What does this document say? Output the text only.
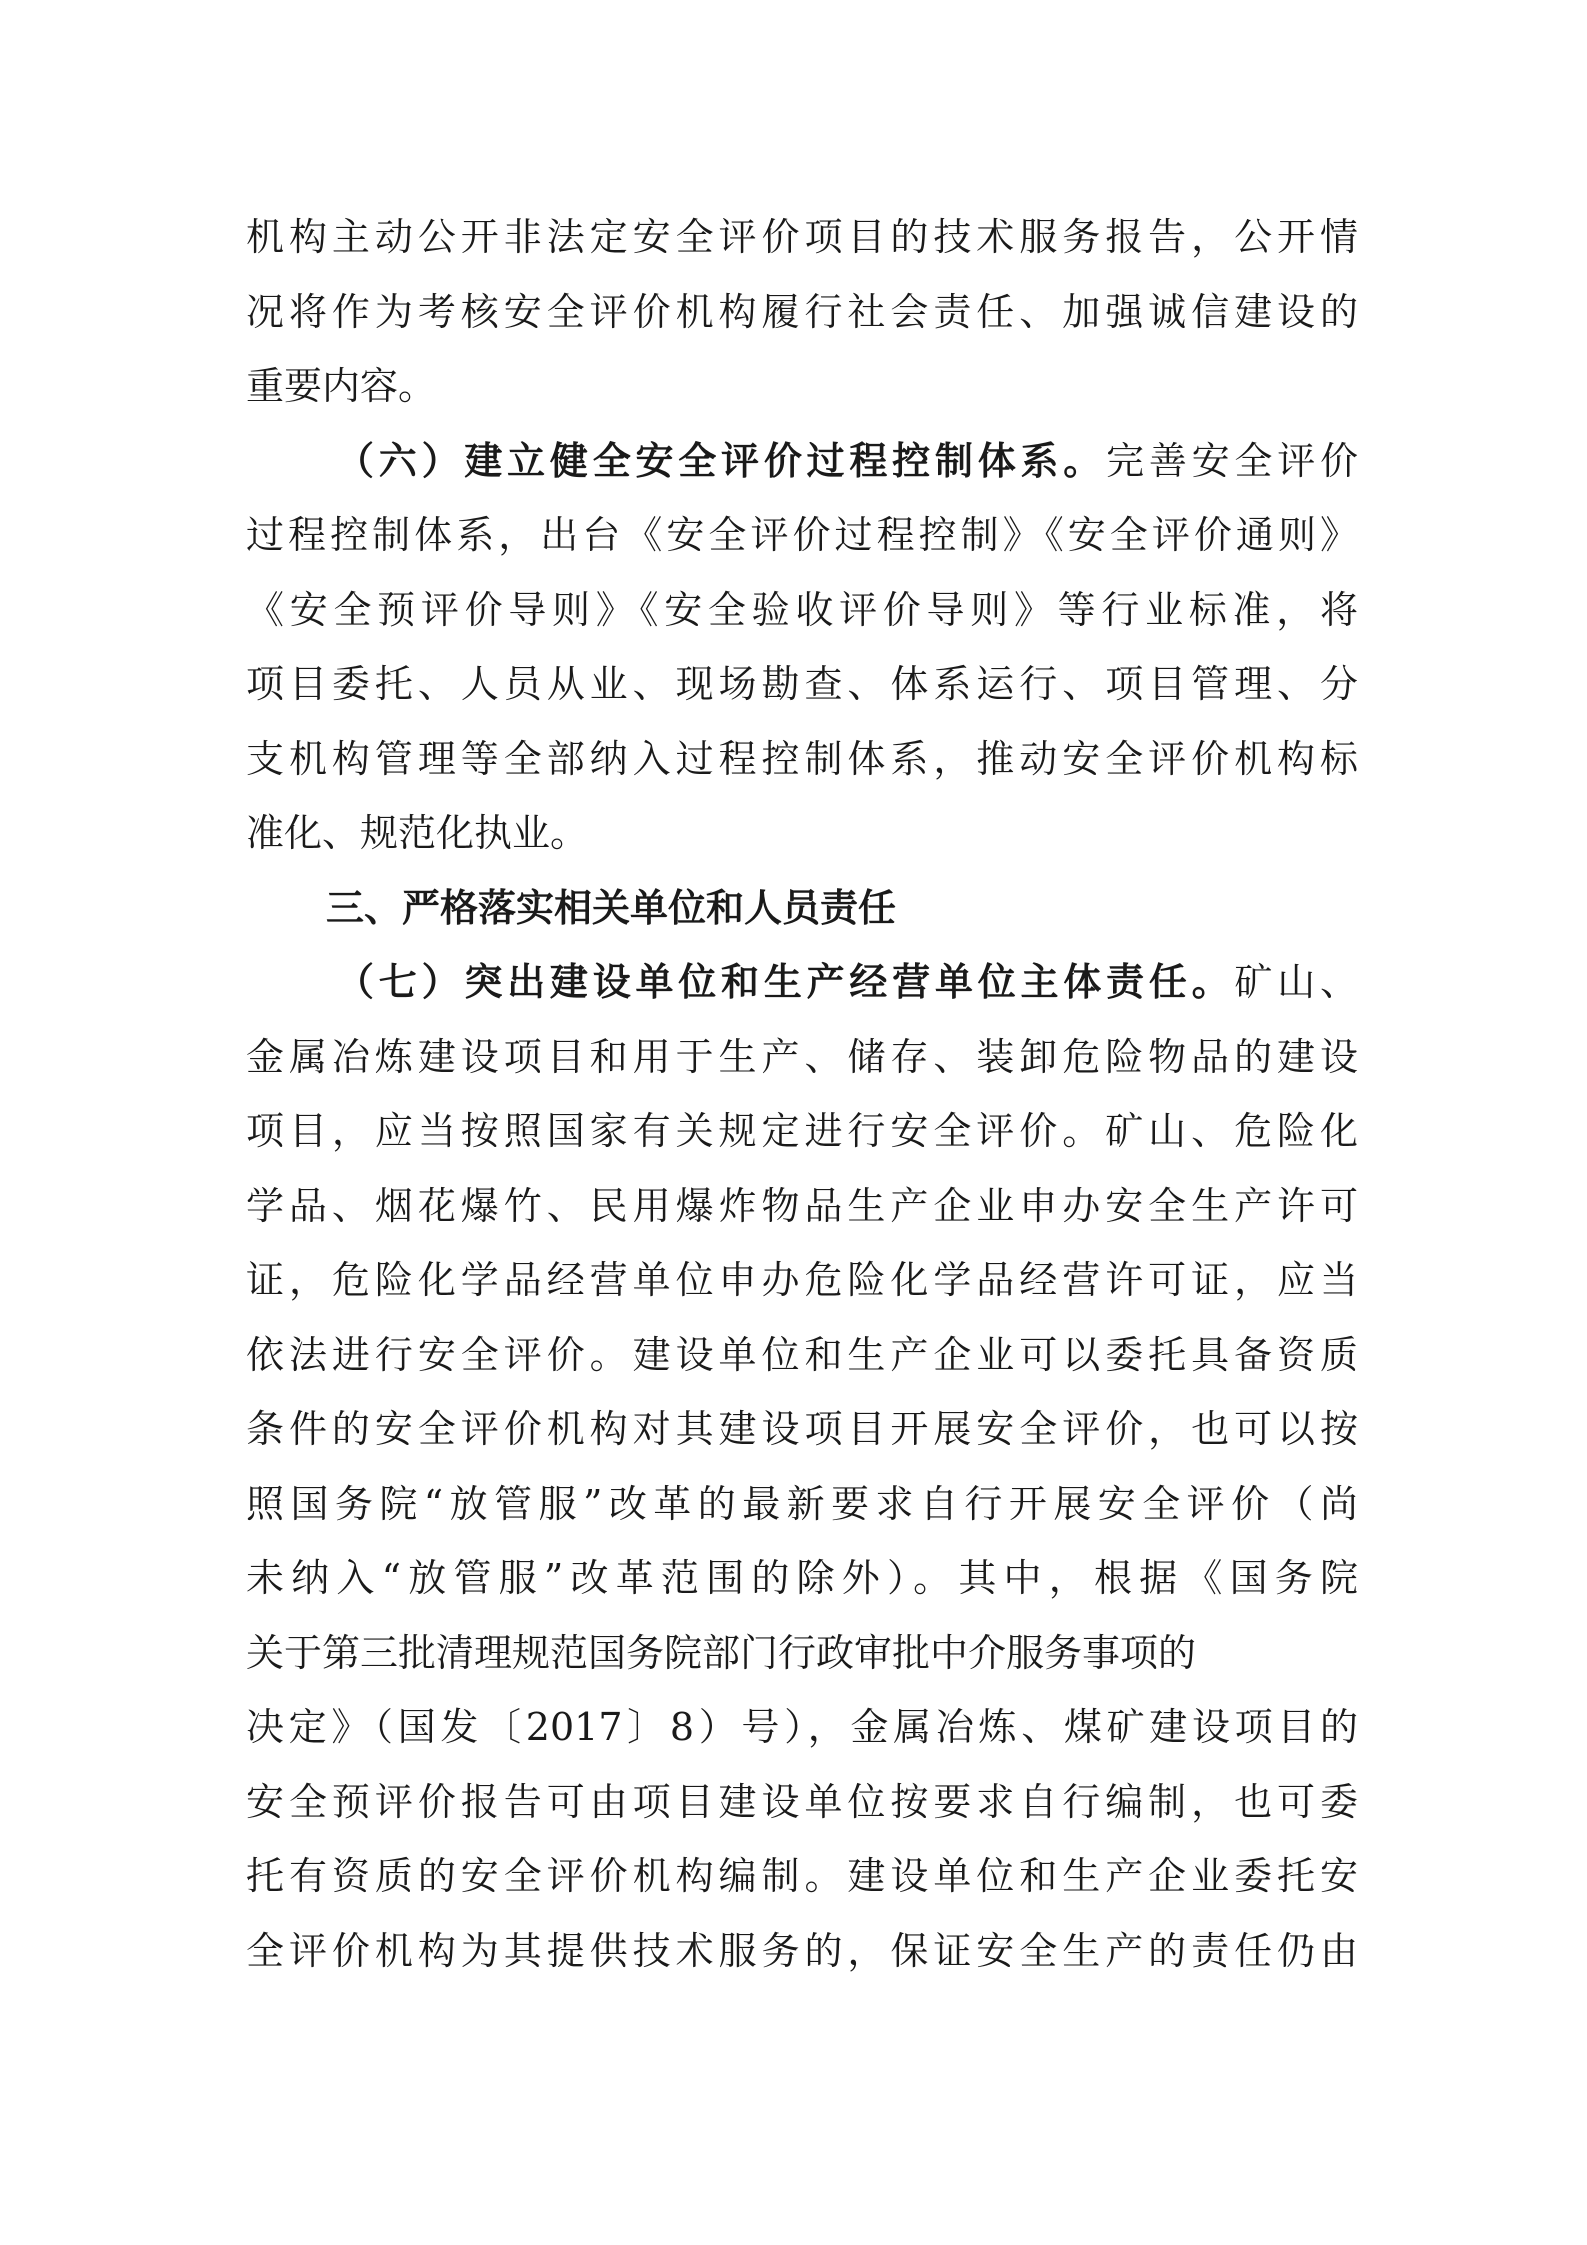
机构主动公开非法定安全评价项目的技术服务报告，公开情
况将作为考核安全评价机构履行社会责任、加强诚信建设的
重要内容。
（六）建立健全安全评价过程控制体系。完善安全评价
过程控制体系，出台《安全评价过程控制》《安全评价通则》
《安全预评价导则》《安全验收评价导则》等行业标准，将
项目委托、人员从业、现场勘查、体系运行、项目管理、分
支机构管理等全部纳入过程控制体系，推动安全评价机构标
准化、规范化执业。
三、严格落实相关单位和人员责任
（七）突出建设单位和生产经营单位主体责任。矿山、
金属冶炼建设项目和用于生产、储存、装卸危险物品的建设
项目，应当按照国家有关规定进行安全评价。矿山、危险化
学品、烟花爆竹、民用爆炸物品生产企业申办安全生产许可
证，危险化学品经营单位申办危险化学品经营许可证，应当
依法进行安全评价。建设单位和生产企业可以委托具备资质
条件的安全评价机构对其建设项目开展安全评价，也可以按
照国务院“放管服”改革的最新要求自行开展安全评价（尚
未纳入“放管服”改革范围的除外）。其中，根据《国务院
关于第三批清理规范国务院部门行政审批中介服务事项的
决定》（国发〔2017〕8）号），金属冶炼、煤矿建设项目的
安全预评价报告可由项目建设单位按要求自行编制，也可委
托有资质的安全评价机构编制。建设单位和生产企业委托安
全评价机构为其提供技术服务的，保证安全生产的责任仍由
